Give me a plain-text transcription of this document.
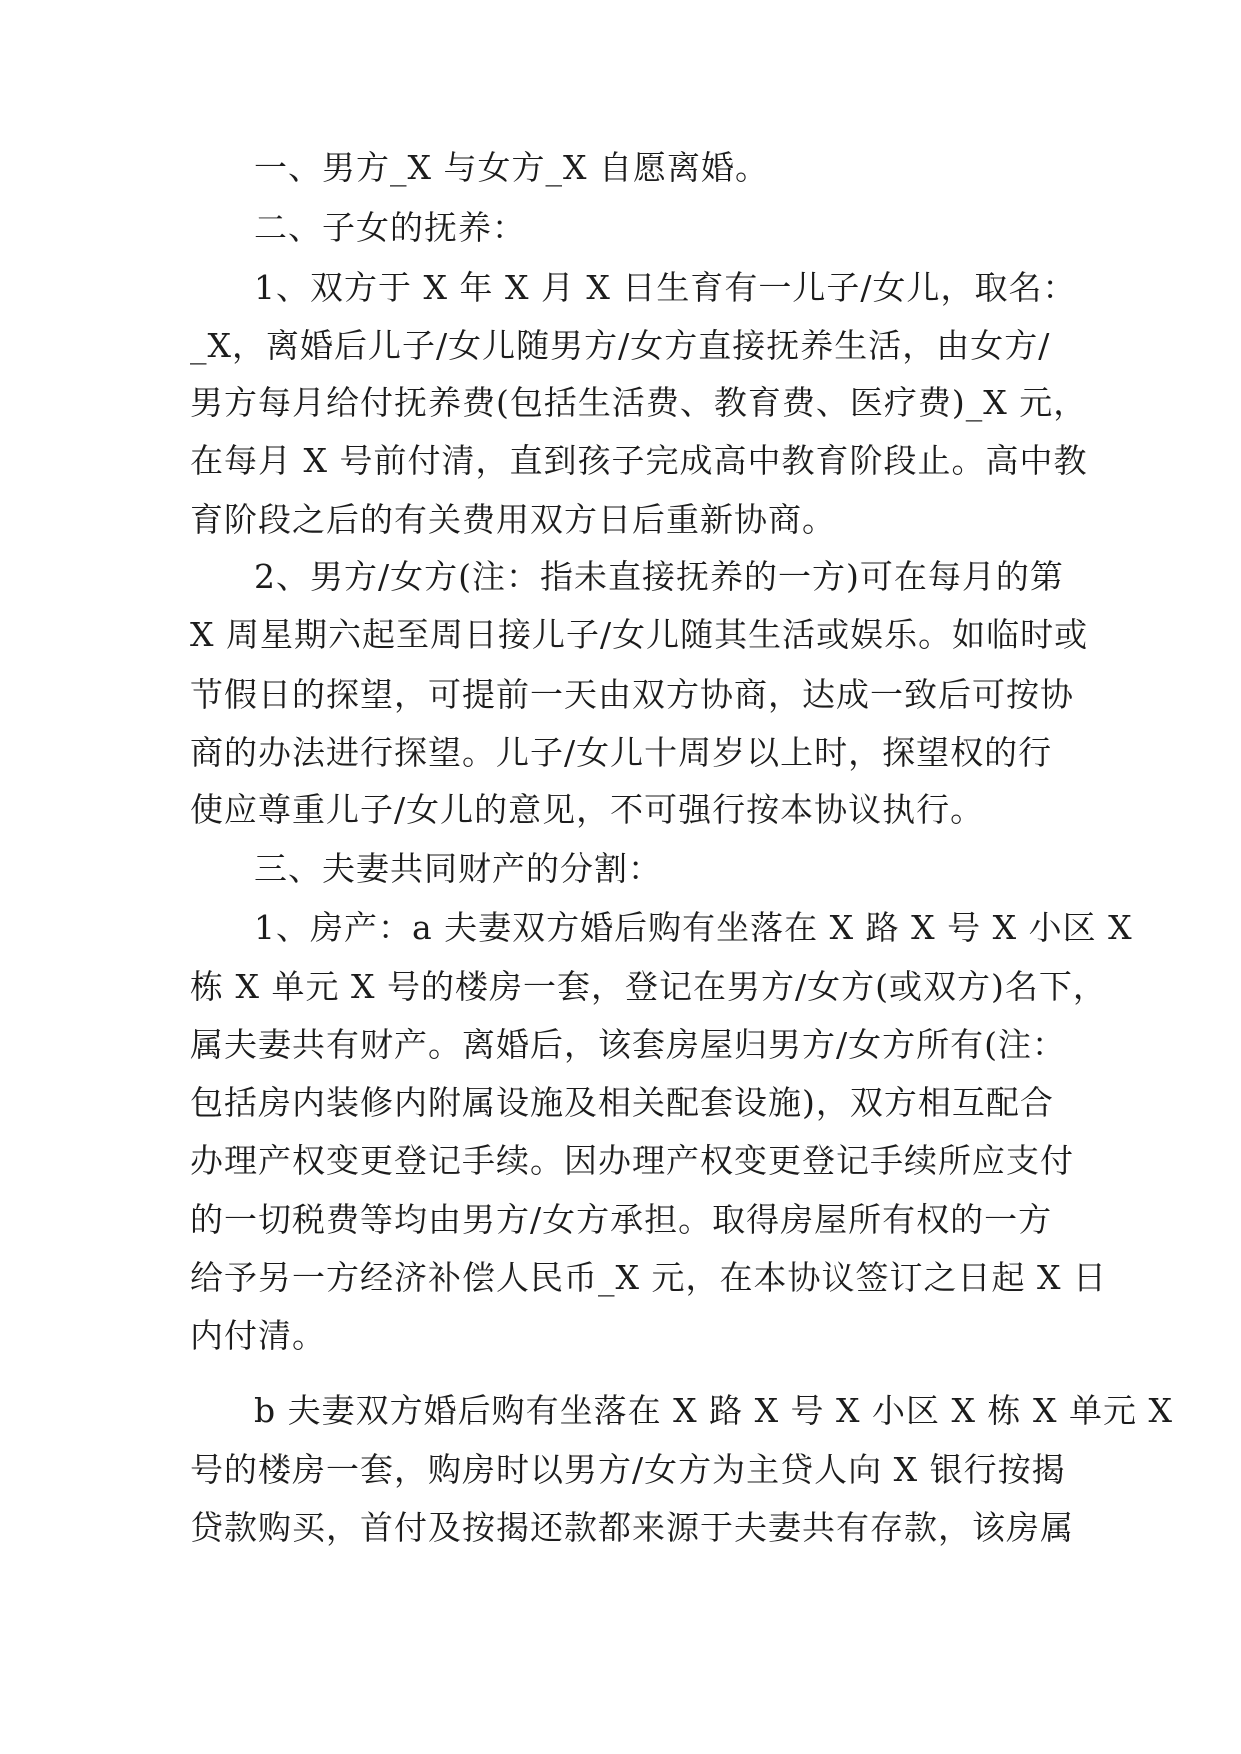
一、男方_X 与女方_X 自愿离婚。
二、子女的抚养：
1、双方于 X 年 X 月 X 日生育有一儿子/女儿，取名：
_X，离婚后儿子/女儿随男方/女方直接抚养生活，由女方/
男方每月给付抚养费(包括生活费、教育费、医疗费)_X 元，
在每月 X 号前付清，直到孩子完成高中教育阶段止。高中教
育阶段之后的有关费用双方日后重新协商。
2、男方/女方(注：指未直接抚养的一方)可在每月的第
X 周星期六起至周日接儿子/女儿随其生活或娱乐。如临时或
节假日的探望，可提前一天由双方协商，达成一致后可按协
商的办法进行探望。儿子/女儿十周岁以上时，探望权的行
使应尊重儿子/女儿的意见，不可强行按本协议执行。
三、夫妻共同财产的分割：
1、房产：a 夫妻双方婚后购有坐落在 X 路 X 号 X 小区 X
栋 X 单元 X 号的楼房一套，登记在男方/女方(或双方)名下，
属夫妻共有财产。离婚后，该套房屋归男方/女方所有(注：
包括房内装修内附属设施及相关配套设施)，双方相互配合
办理产权变更登记手续。因办理产权变更登记手续所应支付
的一切税费等均由男方/女方承担。取得房屋所有权的一方
给予另一方经济补偿人民币_X 元，在本协议签订之日起 X 日
内付清。
b 夫妻双方婚后购有坐落在 X 路 X 号 X 小区 X 栋 X 单元 X
号的楼房一套，购房时以男方/女方为主贷人向 X 银行按揭
贷款购买，首付及按揭还款都来源于夫妻共有存款，该房属
